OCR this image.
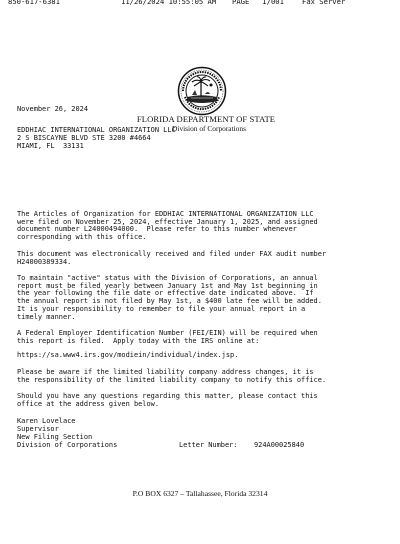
850-617-6381

	11/26/2024 10:55:05 AM

PAGE   1/001

	Fax Server

FLORIDA DEPARTMENT OF STATE
Division of Corporations
November 26, 2024
EDDHIAC INTERNATIONAL ORGANIZATION LLC
2 S BISCAYNE BLVD STE 3200 #4664
MIAMI, FL  33131
The Articles of Organization for EDDHIAC INTERNATIONAL ORGANIZATION LLC
were filed on November 25, 2024, effective January 1, 2025, and assigned
document number L24000494000.  Please refer to this number whenever
corresponding with this office.
This document was electronically received and filed under FAX audit number
H24000389334.
To maintain "active" status with the Division of Corporations, an annual
report must be filed yearly between January 1st and May 1st beginning in
the year following the file date or effective date indicated above.  If
the annual report is not filed by May 1st, a $400 late fee will be added.
It is your responsibility to remember to file your annual report in a
timely manner.
A Federal Employer Identification Number (FEI/EIN) will be required when
this report is filed.  Apply today with the IRS online at:
https://sa.www4.irs.gov/modiein/individual/index.jsp.
Please be aware if the limited liability company address changes, it is
the responsibility of the limited liability company to notify this office.
Should you have any questions regarding this matter, please contact this
office at the address given below.
Karen Lovelace
Supervisor
New Filing Section
Division of Corporations	Letter Number: 924A00025840
P.O BOX 6327 – Tallahassee, Florida 32314
